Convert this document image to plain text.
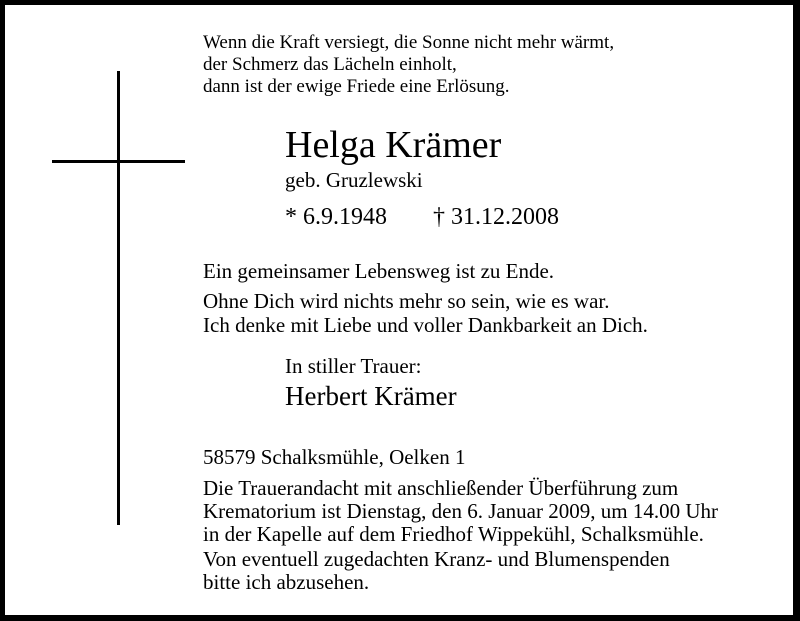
Wenn die Kraft versiegt, die Sonne nicht mehr wärmt,
der Schmerz das Lächeln einholt,
dann ist der ewige Friede eine Erlösung.
Helga Krämer
geb. Gruzlewski
* 6.9.1948 † 31.12.2008
Ein gemeinsamer Lebensweg ist zu Ende.
Ohne Dich wird nichts mehr so sein, wie es war.
Ich denke mit Liebe und voller Dankbarkeit an Dich.
In stiller Trauer:
Herbert Krämer
58579 Schalksmühle, Oelken 1
Die Trauerandacht mit anschließender Überführung zum
Krematorium ist Dienstag, den 6. Januar 2009, um 14.00 Uhr
in der Kapelle auf dem Friedhof Wippekühl, Schalksmühle.
Von eventuell zugedachten Kranz- und Blumenspenden
bitte ich abzusehen.
